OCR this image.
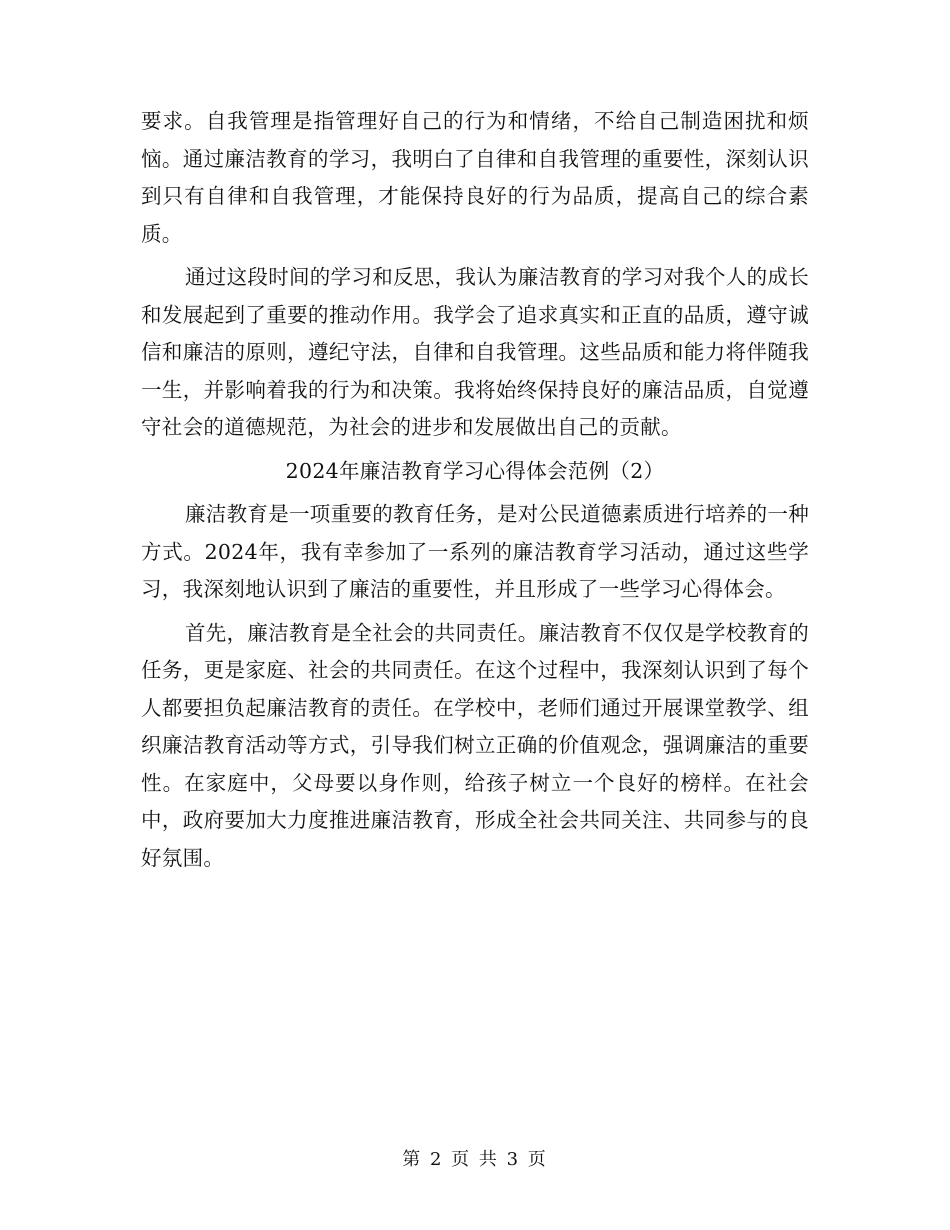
要求。自我管理是指管理好自己的行为和情绪，不给自己制造困扰和烦恼。通过廉洁教育的学习，我明白了自律和自我管理的重要性，深刻认识到只有自律和自我管理，才能保持良好的行为品质，提高自己的综合素质。

通过这段时间的学习和反思，我认为廉洁教育的学习对我个人的成长和发展起到了重要的推动作用。我学会了追求真实和正直的品质，遵守诚信和廉洁的原则，遵纪守法，自律和自我管理。这些品质和能力将伴随我一生，并影响着我的行为和决策。我将始终保持良好的廉洁品质，自觉遵守社会的道德规范，为社会的进步和发展做出自己的贡献。

2024年廉洁教育学习心得体会范例（2）

廉洁教育是一项重要的教育任务，是对公民道德素质进行培养的一种方式。2024年，我有幸参加了一系列的廉洁教育学习活动，通过这些学习，我深刻地认识到了廉洁的重要性，并且形成了一些学习心得体会。

首先，廉洁教育是全社会的共同责任。廉洁教育不仅仅是学校教育的任务，更是家庭、社会的共同责任。在这个过程中，我深刻认识到了每个人都要担负起廉洁教育的责任。在学校中，老师们通过开展课堂教学、组织廉洁教育活动等方式，引导我们树立正确的价值观念，强调廉洁的重要性。在家庭中，父母要以身作则，给孩子树立一个良好的榜样。在社会中，政府要加大力度推进廉洁教育，形成全社会共同关注、共同参与的良好氛围。

第 2 页 共 3 页
